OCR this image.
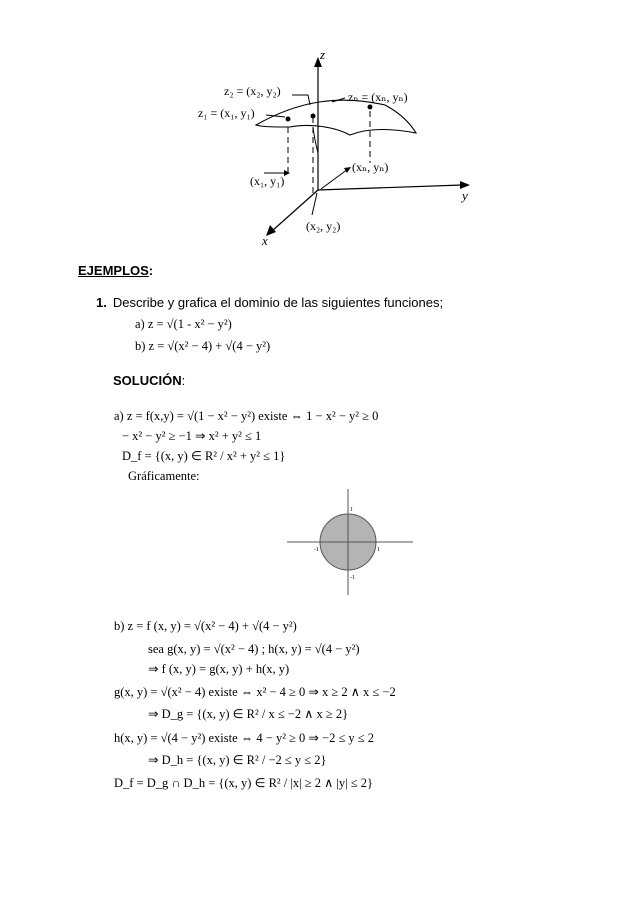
z
y
x
z₁ = (x₁, y₁)
z₂ = (x₂, y₂)	zₙ = (xₙ, yₙ)
(x₁, y₁)
(xₙ, yₙ)
(x₂, y₂)
EJEMPLOS:
1. Describe y grafica el dominio de las siguientes funciones;
a) z = √(1 - x² − y²)
b) z = √(x² − 4) + √(4 − y²)
SOLUCIÓN:
a) z = f(x,y) = √(1 − x² − y²) existe ⇔ 1 − x² − y² ≥ 0
− x² − y² ≥ −1 ⇒ x² + y² ≤ 1
D_f = {(x, y) ∈ R² / x² + y² ≤ 1}
Gráficamente:
1
-1	1
-1
b) z = f (x, y) = √(x² − 4) + √(4 − y²)
sea g(x, y) = √(x² − 4) ; h(x, y) = √(4 − y²)
⇒ f (x, y) = g(x, y) + h(x, y)
g(x, y) = √(x² − 4) existe ⇔ x² − 4 ≥ 0 ⇒ x ≥ 2 ∧ x ≤ −2
⇒ D_g = {(x, y) ∈ R² / x ≤ −2 ∧ x ≥ 2}
h(x, y) = √(4 − y²) existe ⇔ 4 − y² ≥ 0 ⇒ −2 ≤ y ≤ 2
⇒ D_h = {(x, y) ∈ R² / −2 ≤ y ≤ 2}
D_f = D_g ∩ D_h = {(x, y) ∈ R² / |x| ≥ 2 ∧ |y| ≤ 2}
